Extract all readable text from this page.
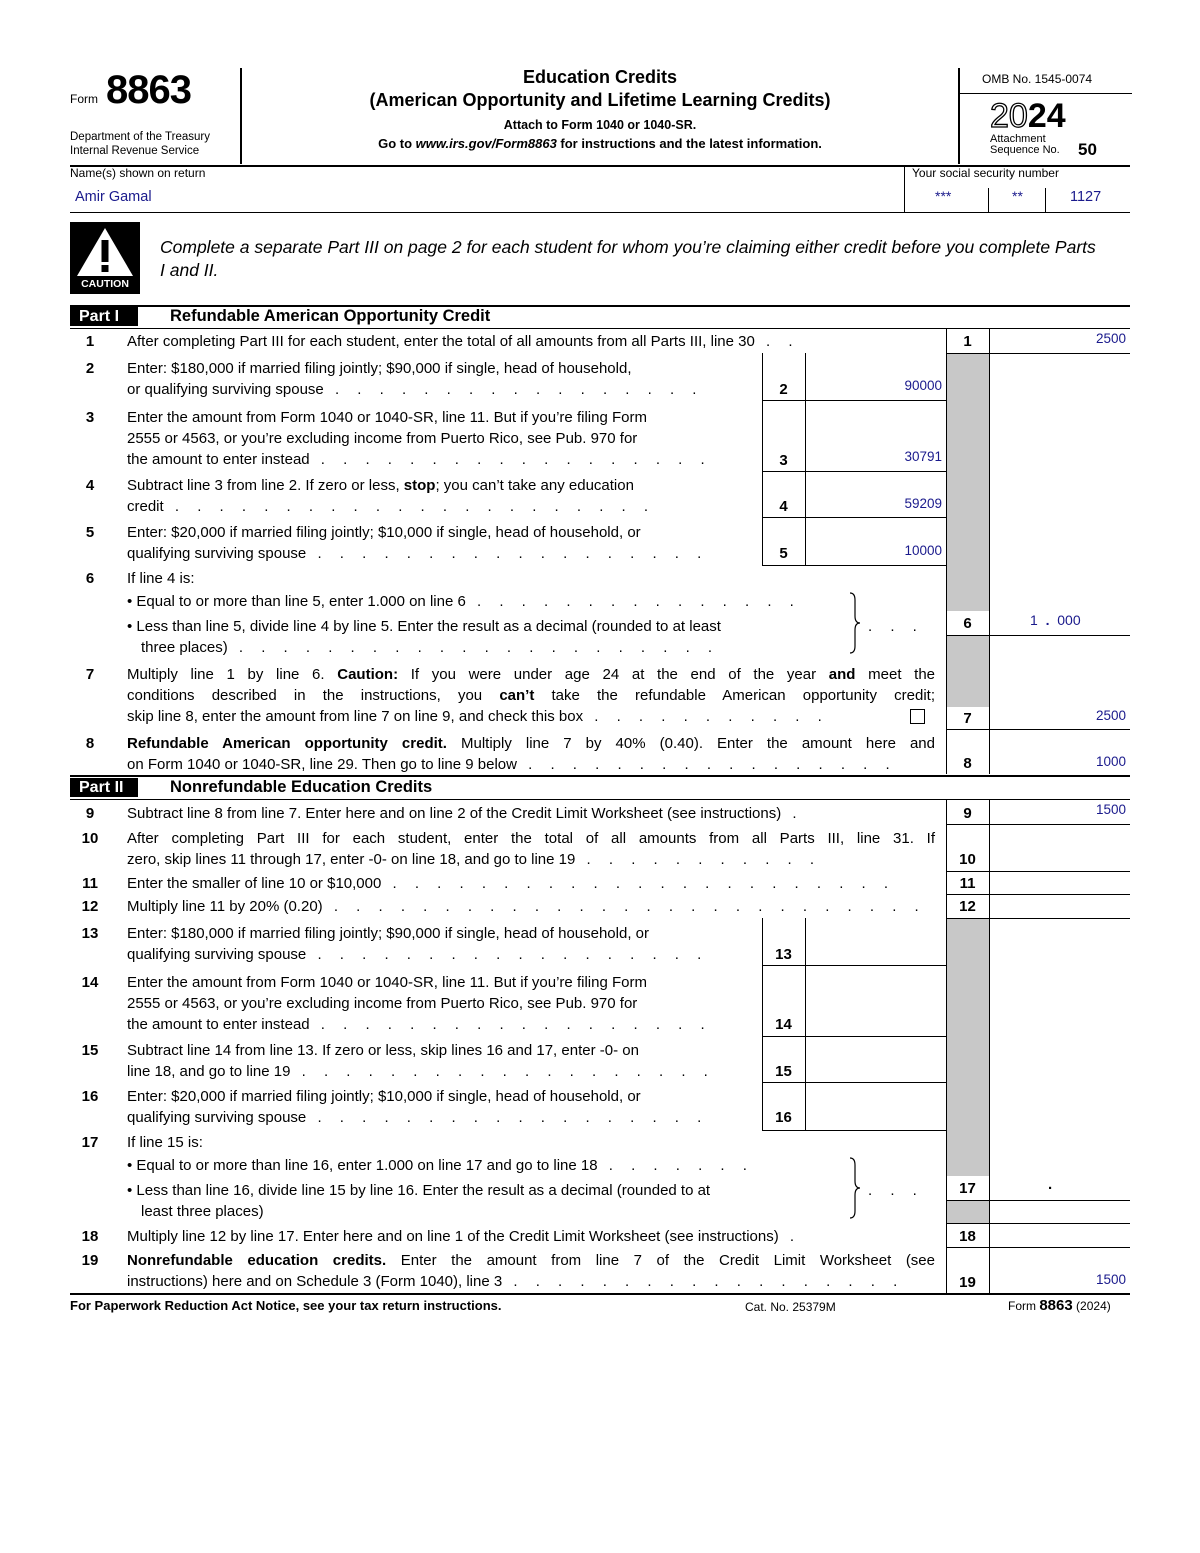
Form 8863
Department of the Treasury
Internal Revenue Service
Education Credits
(American Opportunity and Lifetime Learning Credits)
Attach to Form 1040 or 1040-SR.
Go to www.irs.gov/Form8863 for instructions and the latest information.
OMB No. 1545-0074
2024
Attachment
Sequence No. 50
Name(s) shown on return	Your social security number
Amir Gamal	***	**	1127
CAUTION
Complete a separate Part III on page 2 for each student for whom you’re claiming either credit before you complete Parts I and II.
Part I	Refundable American Opportunity Credit
1	After completing Part III for each student, enter the total of all amounts from all Parts III, line 30 . .	1	2500
2	Enter: $180,000 if married filing jointly; $90,000 if single, head of household,
or qualifying surviving spouse . . . . . . . . . . . . . . . . .	2	90000
3	Enter the amount from Form 1040 or 1040-SR, line 11. But if you’re filing Form
2555 or 4563, or you’re excluding income from Puerto Rico, see Pub. 970 for
the amount to enter instead . . . . . . . . . . . . . . . . . .	3	30791
4	Subtract line 3 from line 2. If zero or less, stop; you can’t take any education
credit . . . . . . . . . . . . . . . . . . . . . .	4	59209
5	Enter: $20,000 if married filing jointly; $10,000 if single, head of household, or
qualifying surviving spouse . . . . . . . . . . . . . . . . . .	5	10000
6	If line 4 is:
• Equal to or more than line 5, enter 1.000 on line 6 . . . . . . . . . . . . . . .
• Less than line 5, divide line 4 by line 5. Enter the result as a decimal (rounded to at least
three places) . . . . . . . . . . . . . . . . . . . . . .
. . .	6	1 . 000
7	Multiply line 1 by line 6. Caution: If you were under age 24 at the end of the year and meet the
conditions described in the instructions, you can’t take the refundable American opportunity credit;
skip line 8, enter the amount from line 7 on line 9, and check this box . . . . . . . . . . .	7	2500
8	Refundable American opportunity credit. Multiply line 7 by 40% (0.40). Enter the amount here and
on Form 1040 or 1040-SR, line 29. Then go to line 9 below . . . . . . . . . . . . . . . . .	8	1000
Part II	Nonrefundable Education Credits
9	Subtract line 8 from line 7. Enter here and on line 2 of the Credit Limit Worksheet (see instructions) .	9	1500
10	After completing Part III for each student, enter the total of all amounts from all Parts III, line 31. If
zero, skip lines 11 through 17, enter -0- on line 18, and go to line 19 . . . . . . . . . . .	10
11	Enter the smaller of line 10 or $10,000 . . . . . . . . . . . . . . . . . . . . . . .	11
12	Multiply line 11 by 20% (0.20) . . . . . . . . . . . . . . . . . . . . . . . . . . .	12
13	Enter: $180,000 if married filing jointly; $90,000 if single, head of household, or
qualifying surviving spouse . . . . . . . . . . . . . . . . . .	13
14	Enter the amount from Form 1040 or 1040-SR, line 11. But if you’re filing Form
2555 or 4563, or you’re excluding income from Puerto Rico, see Pub. 970 for
the amount to enter instead . . . . . . . . . . . . . . . . . .	14
15	Subtract line 14 from line 13. If zero or less, skip lines 16 and 17, enter -0- on
line 18, and go to line 19 . . . . . . . . . . . . . . . . . . .	15
16	Enter: $20,000 if married filing jointly; $10,000 if single, head of household, or
qualifying surviving spouse . . . . . . . . . . . . . . . . . .	16
17	If line 15 is:
• Equal to or more than line 16, enter 1.000 on line 17 and go to line 18 . . . . . . .
• Less than line 16, divide line 15 by line 16. Enter the result as a decimal (rounded to at
least three places)
. . .	17	.
18	Multiply line 12 by line 17. Enter here and on line 1 of the Credit Limit Worksheet (see instructions) .	18
19	Nonrefundable education credits. Enter the amount from line 7 of the Credit Limit Worksheet (see
instructions) here and on Schedule 3 (Form 1040), line 3 . . . . . . . . . . . . . . . . . .	19	1500
For Paperwork Reduction Act Notice, see your tax return instructions.	Cat. No. 25379M	Form 8863 (2024)
